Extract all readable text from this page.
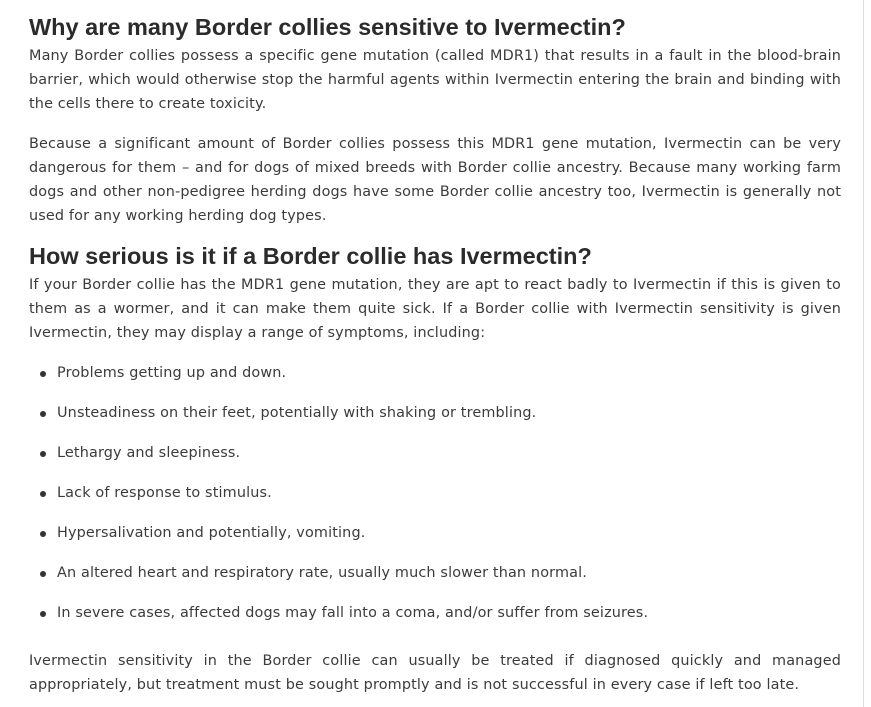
Why are many Border collies sensitive to Ivermectin?

Many Border collies possess a specific gene mutation (called MDR1) that results in a fault in the blood-brain barrier, which would otherwise stop the harmful agents within Ivermectin entering the brain and binding with the cells there to create toxicity.

Because a significant amount of Border collies possess this MDR1 gene mutation, Ivermectin can be very dangerous for them – and for dogs of mixed breeds with Border collie ancestry. Because many working farm dogs and other non-pedigree herding dogs have some Border collie ancestry too, Ivermectin is generally not used for any working herding dog types.

How serious is it if a Border collie has Ivermectin?

If your Border collie has the MDR1 gene mutation, they are apt to react badly to Ivermectin if this is given to them as a wormer, and it can make them quite sick. If a Border collie with Ivermectin sensitivity is given Ivermectin, they may display a range of symptoms, including:

Problems getting up and down.
Unsteadiness on their feet, potentially with shaking or trembling.
Lethargy and sleepiness.
Lack of response to stimulus.
Hypersalivation and potentially, vomiting.
An altered heart and respiratory rate, usually much slower than normal.
In severe cases, affected dogs may fall into a coma, and/or suffer from seizures.

Ivermectin sensitivity in the Border collie can usually be treated if diagnosed quickly and managed appropriately, but treatment must be sought promptly and is not successful in every case if left too late.
